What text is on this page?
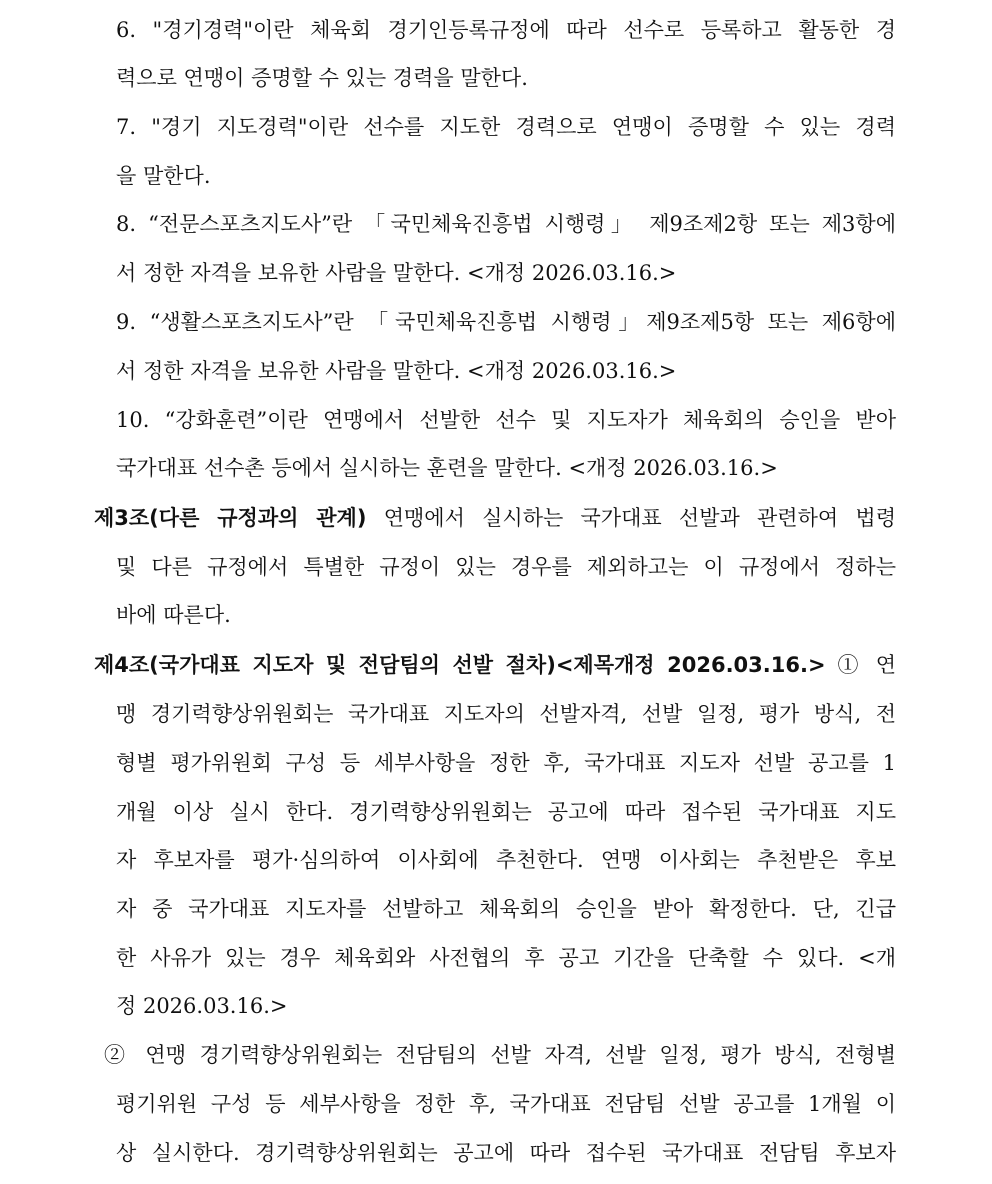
6. "경기경력"이란 체육회 경기인등록규정에 따라 선수로 등록하고 활동한 경
력으로 연맹이 증명할 수 있는 경력을 말한다.
7. "경기 지도경력"이란 선수를 지도한 경력으로 연맹이 증명할 수 있는 경력
을 말한다.
8. “전문스포츠지도사”란 「국민체육진흥법 시행령」 제9조제2항 또는 제3항에
서 정한 자격을 보유한 사람을 말한다. <개정 2026.03.16.>
9. “생활스포츠지도사”란 「국민체육진흥법 시행령」제9조제5항 또는 제6항에
서 정한 자격을 보유한 사람을 말한다. <개정 2026.03.16.>
10. “강화훈련”이란 연맹에서 선발한 선수 및 지도자가 체육회의 승인을 받아
국가대표 선수촌 등에서 실시하는 훈련을 말한다. <개정 2026.03.16.>
제3조(다른 규정과의 관계) 연맹에서 실시하는 국가대표 선발과 관련하여 법령
및 다른 규정에서 특별한 규정이 있는 경우를 제외하고는 이 규정에서 정하는
바에 따른다.
제4조(국가대표 지도자 및 전담팀의 선발 절차)<제목개정 2026.03.16.> ① 연
맹 경기력향상위원회는 국가대표 지도자의 선발자격, 선발 일정, 평가 방식, 전
형별 평가위원회 구성 등 세부사항을 정한 후, 국가대표 지도자 선발 공고를 1
개월 이상 실시 한다. 경기력향상위원회는 공고에 따라 접수된 국가대표 지도
자 후보자를 평가·심의하여 이사회에 추천한다. 연맹 이사회는 추천받은 후보
자 중 국가대표 지도자를 선발하고 체육회의 승인을 받아 확정한다. 단, 긴급
한 사유가 있는 경우 체육회와 사전협의 후 공고 기간을 단축할 수 있다. <개
정 2026.03.16.>
② 연맹 경기력향상위원회는 전담팀의 선발 자격, 선발 일정, 평가 방식, 전형별
평기위원 구성 등 세부사항을 정한 후, 국가대표 전담팀 선발 공고를 1개월 이
상 실시한다. 경기력향상위원회는 공고에 따라 접수된 국가대표 전담팀 후보자
